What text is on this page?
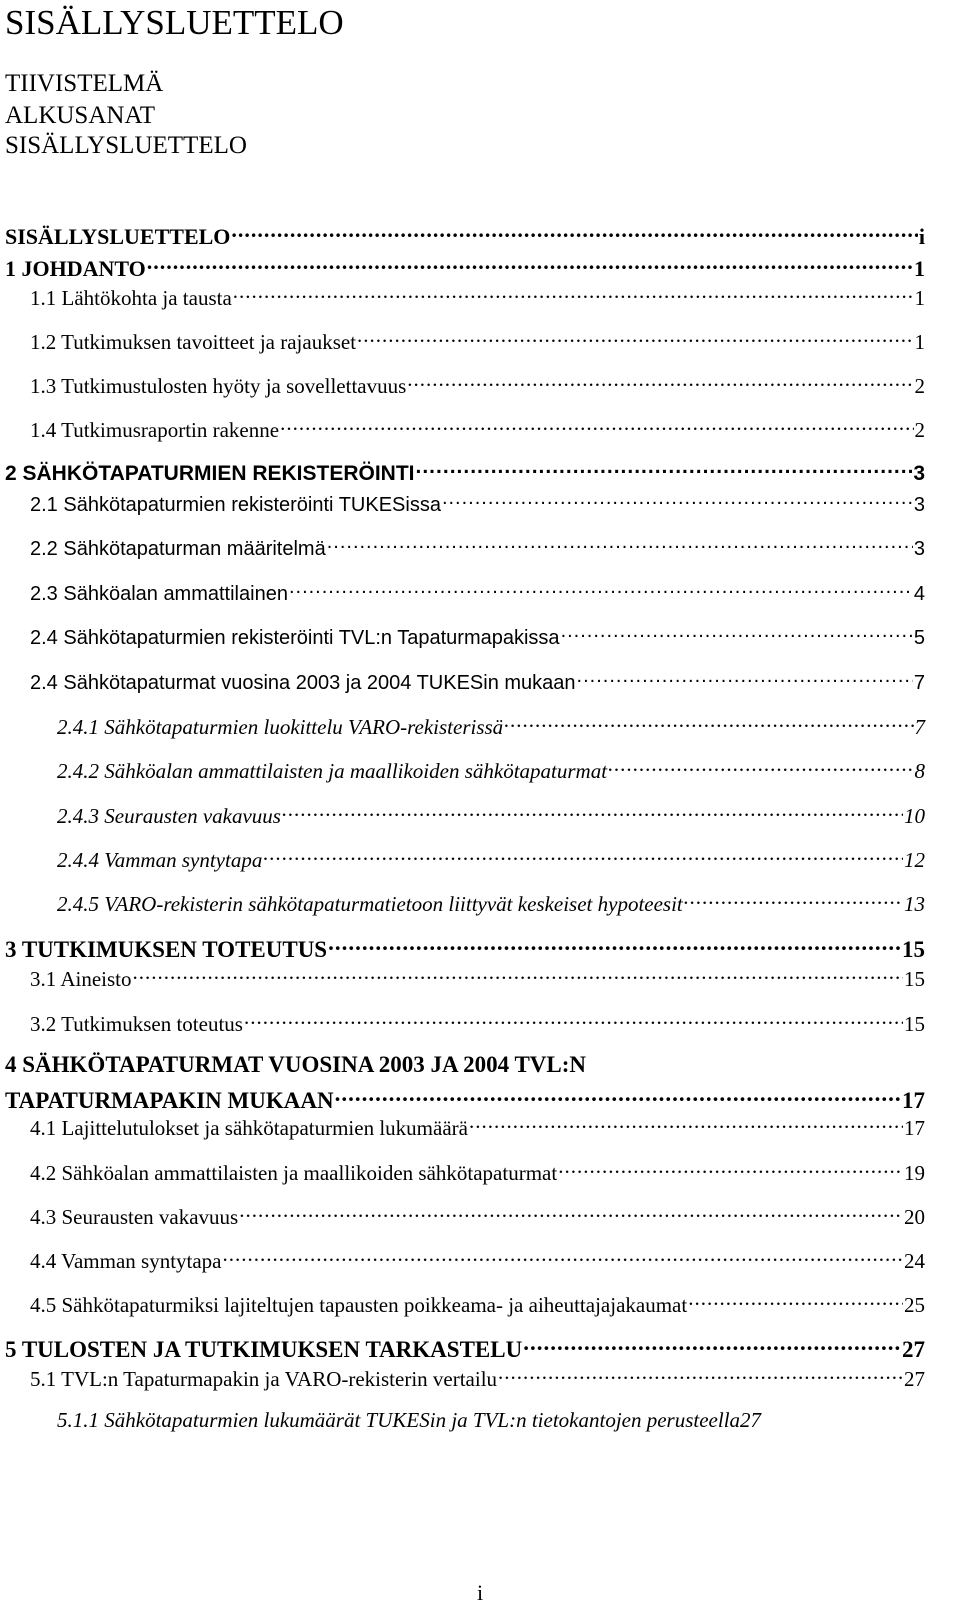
SISÄLLYSLUETTELO
TIIVISTELMÄ
ALKUSANAT
SISÄLLYSLUETTELO
SISÄLLYSLUETTELO .....	i
1 JOHDANTO .....	1
1.1 Lähtökohta ja tausta .....	1
1.2 Tutkimuksen tavoitteet ja rajaukset .....	1
1.3 Tutkimustulosten hyöty ja sovellettavuus .....	2
1.4 Tutkimusraportin rakenne .....	2
2 SÄHKÖTAPATURMIEN REKISTERÖINTI .....	3
2.1 Sähkötapaturmien rekisteröinti TUKESissa .....	3
2.2 Sähkötapaturman määritelmä .....	3
2.3 Sähköalan ammattilainen .....	4
2.4 Sähkötapaturmien rekisteröinti TVL:n Tapaturmapakissa .....	5
2.4 Sähkötapaturmat vuosina 2003 ja 2004 TUKESin mukaan .....	7
2.4.1 Sähkötapaturmien luokittelu VARO-rekisterissä .....	7
2.4.2 Sähköalan ammattilaisten ja maallikoiden sähkötapaturmat .....	8
2.4.3 Seurausten vakavuus .....	10
2.4.4 Vamman syntytapa .....	12
2.4.5 VARO-rekisterin sähkötapaturmatietoon liittyvät keskeiset hypoteesit .....	13
3 TUTKIMUKSEN TOTEUTUS .....	15
3.1 Aineisto .....	15
3.2 Tutkimuksen toteutus .....	15
4 SÄHKÖTAPATURMAT VUOSINA 2003 JA 2004 TVL:N
TAPATURMAPAKIN MUKAAN .....	17
4.1 Lajittelutulokset ja sähkötapaturmien lukumäärä .....	17
4.2 Sähköalan ammattilaisten ja maallikoiden sähkötapaturmat .....	19
4.3 Seurausten vakavuus .....	20
4.4 Vamman syntytapa .....	24
4.5 Sähkötapaturmiksi lajiteltujen tapausten poikkeama- ja aiheuttajajakaumat .....	25
5 TULOSTEN JA TUTKIMUKSEN TARKASTELU .....	27
5.1 TVL:n Tapaturmapakin ja VARO-rekisterin vertailu .....	27
5.1.1 Sähkötapaturmien lukumäärät TUKESin ja TVL:n tietokantojen perusteella 27
i
